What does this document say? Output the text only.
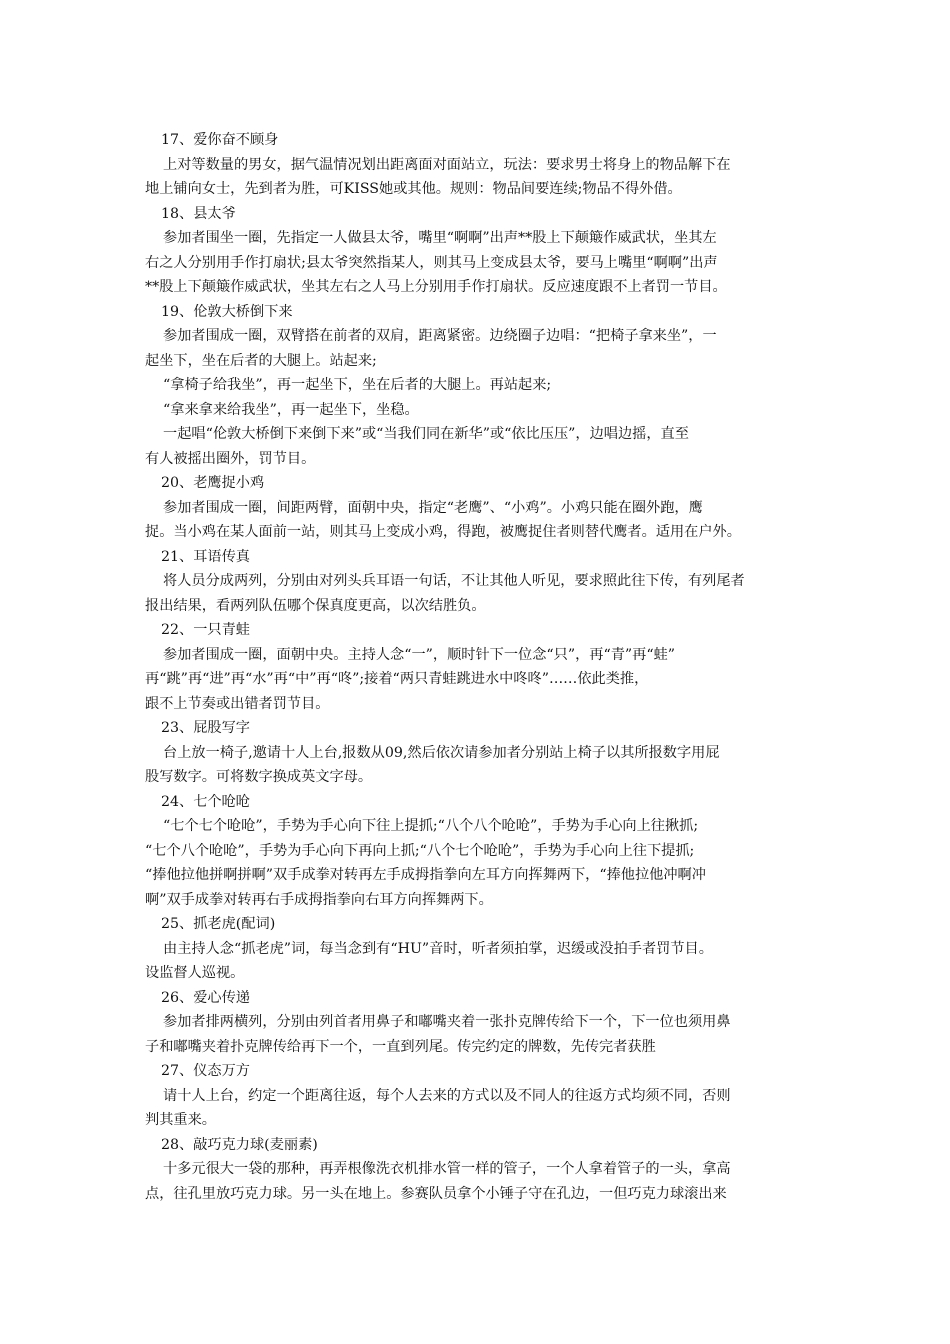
17、爱你奋不顾身
上对等数量的男女，据气温情况划出距离面对面站立，玩法：要求男士将身上的物品解下在
地上铺向女士，先到者为胜，可KISS她或其他。规则：物品间要连续;物品不得外借。
18、县太爷
参加者围坐一圈，先指定一人做县太爷，嘴里“啊啊”出声**股上下颠簸作威武状，坐其左
右之人分别用手作打扇状;县太爷突然指某人，则其马上变成县太爷，要马上嘴里“啊啊”出声
**股上下颠簸作威武状，坐其左右之人马上分别用手作打扇状。反应速度跟不上者罚一节目。
19、伦敦大桥倒下来
参加者围成一圈，双臂搭在前者的双肩，距离紧密。边绕圈子边唱：“把椅子拿来坐”，一
起坐下，坐在后者的大腿上。站起来;
“拿椅子给我坐”，再一起坐下，坐在后者的大腿上。再站起来;
“拿来拿来给我坐”，再一起坐下，坐稳。
一起唱“伦敦大桥倒下来倒下来”或“当我们同在新华”或“依比压压”，边唱边摇，直至
有人被摇出圈外，罚节目。
20、老鹰捉小鸡
参加者围成一圈，间距两臂，面朝中央，指定“老鹰”、“小鸡”。小鸡只能在圈外跑，鹰
捉。当小鸡在某人面前一站，则其马上变成小鸡，得跑，被鹰捉住者则替代鹰者。适用在户外。
21、耳语传真
将人员分成两列，分别由对列头兵耳语一句话，不让其他人听见，要求照此往下传，有列尾者
报出结果，看两列队伍哪个保真度更高，以次结胜负。
22、一只青蛙
参加者围成一圈，面朝中央。主持人念“一”，顺时针下一位念“只”，再“青”再“蛙”
再“跳”再“进”再“水”再“中”再“咚”;接着“两只青蛙跳进水中咚咚”……依此类推，
跟不上节奏或出错者罚节目。
23、屁股写字
台上放一椅子,邀请十人上台,报数从09,然后依次请参加者分别站上椅子以其所报数字用屁
股写数字。可将数字换成英文字母。
24、七个呛呛
“七个七个呛呛”，手势为手心向下往上提抓;“八个八个呛呛”，手势为手心向上往揪抓;
“七个八个呛呛”，手势为手心向下再向上抓;“八个七个呛呛”，手势为手心向上往下提抓;
“捧他拉他拼啊拼啊”双手成拳对转再左手成拇指拳向左耳方向挥舞两下，“捧他拉他冲啊冲
啊”双手成拳对转再右手成拇指拳向右耳方向挥舞两下。
25、抓老虎(配词)
由主持人念“抓老虎”词，每当念到有“HU”音时，听者须拍掌，迟缓或没拍手者罚节目。
设监督人巡视。
26、爱心传递
参加者排两横列，分别由列首者用鼻子和嘟嘴夹着一张扑克牌传给下一个，下一位也须用鼻
子和嘟嘴夹着扑克牌传给再下一个，一直到列尾。传完约定的牌数，先传完者获胜
27、仪态万方
请十人上台，约定一个距离往返，每个人去来的方式以及不同人的往返方式均须不同，否则
判其重来。
28、敲巧克力球(麦丽素)
十多元很大一袋的那种，再弄根像洗衣机排水管一样的管子，一个人拿着管子的一头，拿高
点，往孔里放巧克力球。另一头在地上。参赛队员拿个小锤子守在孔边，一但巧克力球滚出来
